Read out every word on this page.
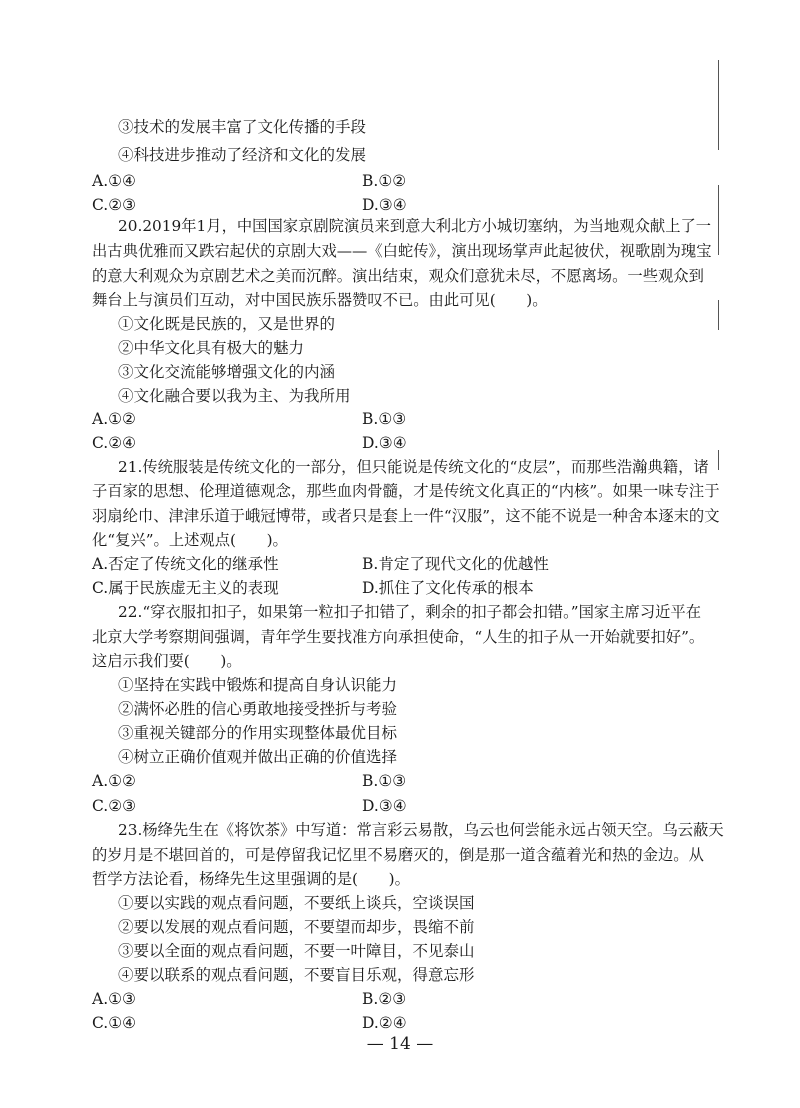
③技术的发展丰富了文化传播的手段
④科技进步推动了经济和文化的发展
A.①④	B.①②
C.②③	D.③④
20.2019年1月，中国国家京剧院演员来到意大利北方小城切塞纳，为当地观众献上了一
出古典优雅而又跌宕起伏的京剧大戏——《白蛇传》，演出现场掌声此起彼伏，视歌剧为瑰宝
的意大利观众为京剧艺术之美而沉醉。演出结束，观众们意犹未尽，不愿离场。一些观众到
舞台上与演员们互动，对中国民族乐器赞叹不已。由此可见(　　)。
①文化既是民族的，又是世界的
②中华文化具有极大的魅力
③文化交流能够增强文化的内涵
④文化融合要以我为主、为我所用
A.①②	B.①③
C.②④	D.③④
21.传统服装是传统文化的一部分，但只能说是传统文化的“皮层”，而那些浩瀚典籍，诸
子百家的思想、伦理道德观念，那些血肉骨髓，才是传统文化真正的“内核”。如果一味专注于
羽扇纶巾、津津乐道于峨冠博带，或者只是套上一件“汉服”，这不能不说是一种舍本逐末的文
化“复兴”。上述观点(　　)。
A.否定了传统文化的继承性	B.肯定了现代文化的优越性
C.属于民族虚无主义的表现	D.抓住了文化传承的根本
22.“穿衣服扣扣子，如果第一粒扣子扣错了，剩余的扣子都会扣错。”国家主席习近平在
北京大学考察期间强调，青年学生要找准方向承担使命，“人生的扣子从一开始就要扣好”。
这启示我们要(　　)。
①坚持在实践中锻炼和提高自身认识能力
②满怀必胜的信心勇敢地接受挫折与考验
③重视关键部分的作用实现整体最优目标
④树立正确价值观并做出正确的价值选择
A.①②	B.①③
C.②③	D.③④
23.杨绛先生在《将饮茶》中写道：常言彩云易散，乌云也何尝能永远占领天空。乌云蔽天
的岁月是不堪回首的，可是停留我记忆里不易磨灭的，倒是那一道含蕴着光和热的金边。从
哲学方法论看，杨绛先生这里强调的是(　　)。
①要以实践的观点看问题，不要纸上谈兵，空谈误国
②要以发展的观点看问题，不要望而却步，畏缩不前
③要以全面的观点看问题，不要一叶障目，不见泰山
④要以联系的观点看问题，不要盲目乐观，得意忘形
A.①③	B.②③
C.①④	D.②④
— 14 —
